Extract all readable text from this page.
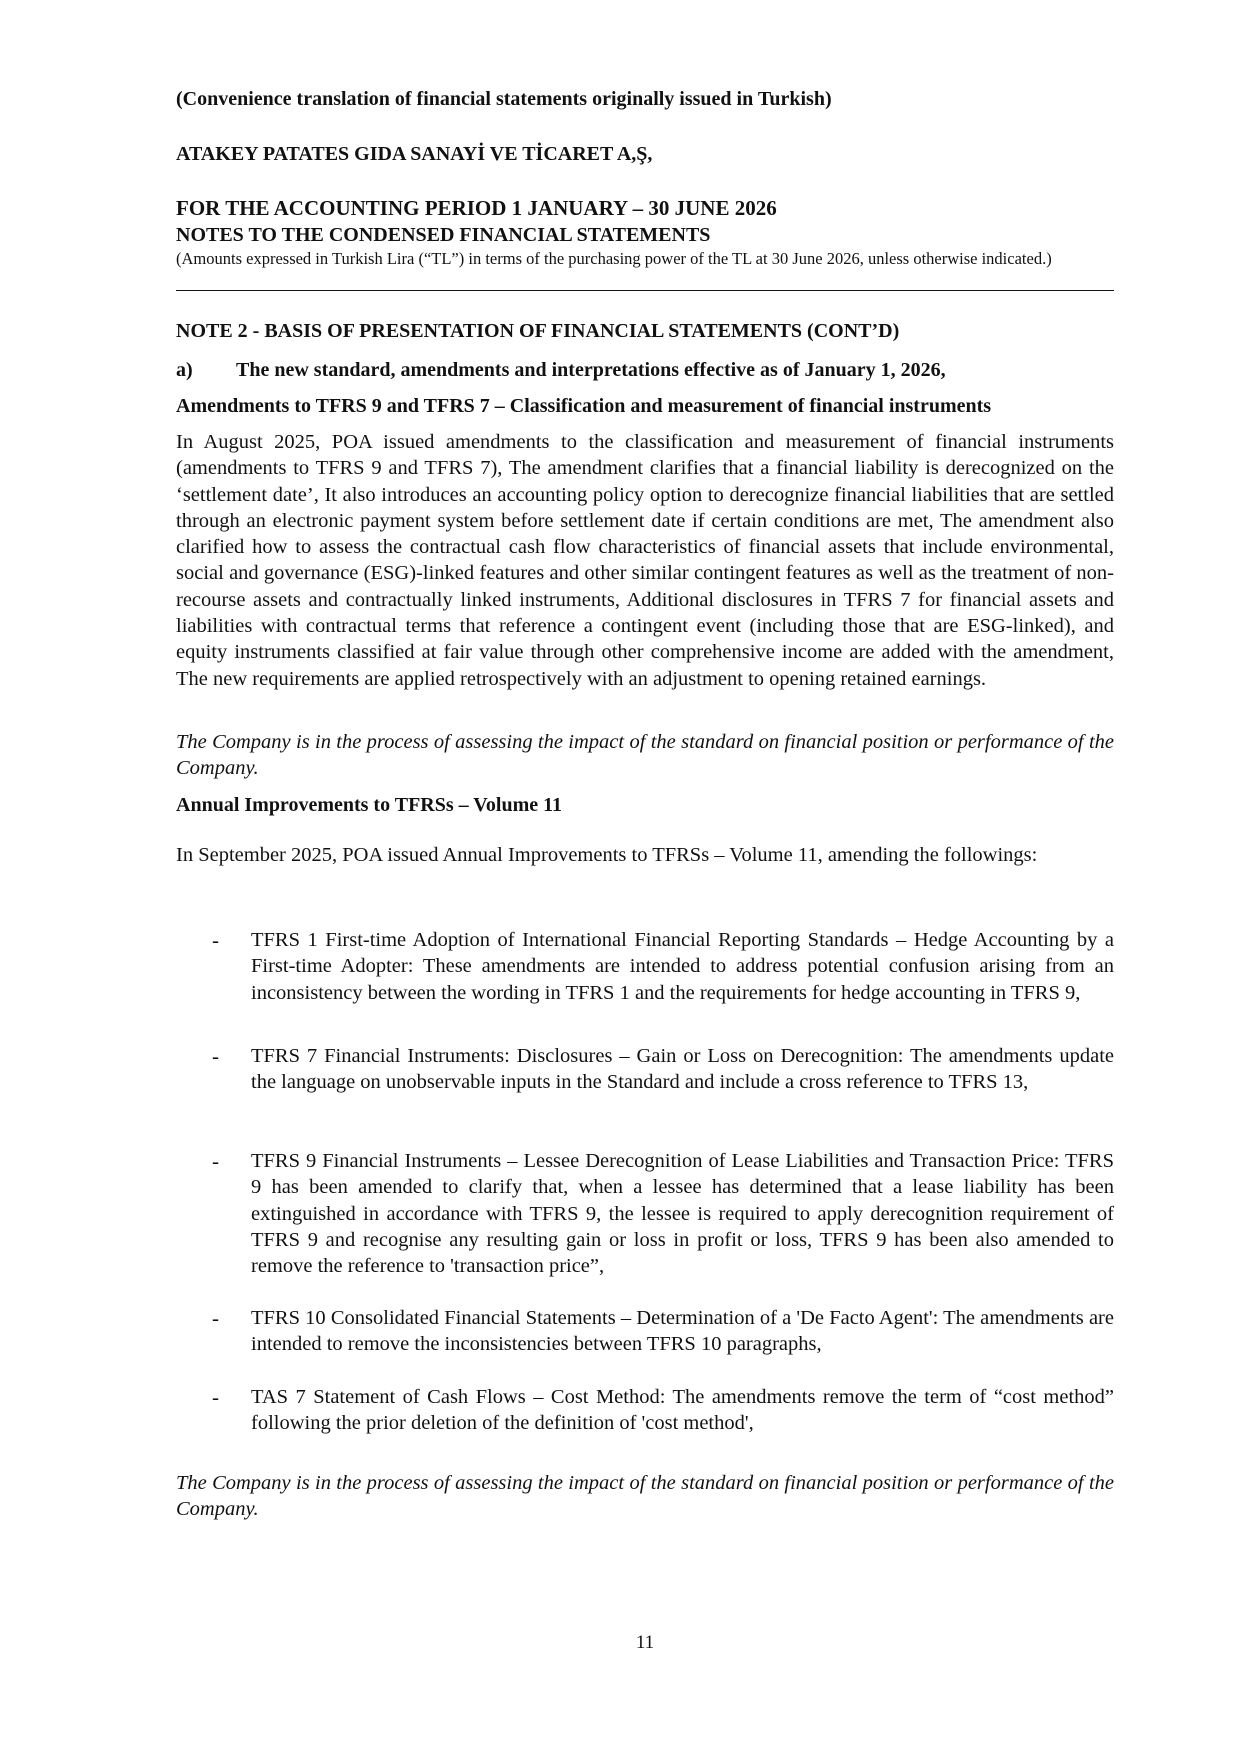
(Convenience translation of financial statements originally issued in Turkish)

ATAKEY PATATES GIDA SANAYİ VE TİCARET A,Ş,

FOR THE ACCOUNTING PERIOD 1 JANUARY – 30 JUNE 2026

NOTES TO THE CONDENSED FINANCIAL STATEMENTS

(Amounts expressed in Turkish Lira (“TL”) in terms of the purchasing power of the TL at 30 June 2026, unless otherwise indicated.)

NOTE 2 - BASIS OF PRESENTATION OF FINANCIAL STATEMENTS (CONT’D)

a) The new standard, amendments and interpretations effective as of January 1, 2026,

Amendments to TFRS 9 and TFRS 7 – Classification and measurement of financial instruments

In August 2025, POA issued amendments to the classification and measurement of financial instruments (amendments to TFRS 9 and TFRS 7), The amendment clarifies that a financial liability is derecognized on the ‘settlement date’, It also introduces an accounting policy option to derecognize financial liabilities that are settled through an electronic payment system before settlement date if certain conditions are met, The amendment also clarified how to assess the contractual cash flow characteristics of financial assets that include environmental, social and governance (ESG)-linked features and other similar contingent features as well as the treatment of non-recourse assets and contractually linked instruments, Additional disclosures in TFRS 7 for financial assets and liabilities with contractual terms that reference a contingent event (including those that are ESG-linked), and equity instruments classified at fair value through other comprehensive income are added with the amendment, The new requirements are applied retrospectively with an adjustment to opening retained earnings.

The Company is in the process of assessing the impact of the standard on financial position or performance of the Company.

Annual Improvements to TFRSs – Volume 11

In September 2025, POA issued Annual Improvements to TFRSs – Volume 11, amending the followings:

- TFRS 1 First-time Adoption of International Financial Reporting Standards – Hedge Accounting by a First-time Adopter: These amendments are intended to address potential confusion arising from an inconsistency between the wording in TFRS 1 and the requirements for hedge accounting in TFRS 9,

- TFRS 7 Financial Instruments: Disclosures – Gain or Loss on Derecognition: The amendments update the language on unobservable inputs in the Standard and include a cross reference to TFRS 13,

- TFRS 9 Financial Instruments – Lessee Derecognition of Lease Liabilities and Transaction Price: TFRS 9 has been amended to clarify that, when a lessee has determined that a lease liability has been extinguished in accordance with TFRS 9, the lessee is required to apply derecognition requirement of TFRS 9 and recognise any resulting gain or loss in profit or loss, TFRS 9 has been also amended to remove the reference to 'transaction price”,

- TFRS 10 Consolidated Financial Statements – Determination of a 'De Facto Agent': The amendments are intended to remove the inconsistencies between TFRS 10 paragraphs,

- TAS 7 Statement of Cash Flows – Cost Method: The amendments remove the term of “cost method” following the prior deletion of the definition of 'cost method',

The Company is in the process of assessing the impact of the standard on financial position or performance of the Company.

11
